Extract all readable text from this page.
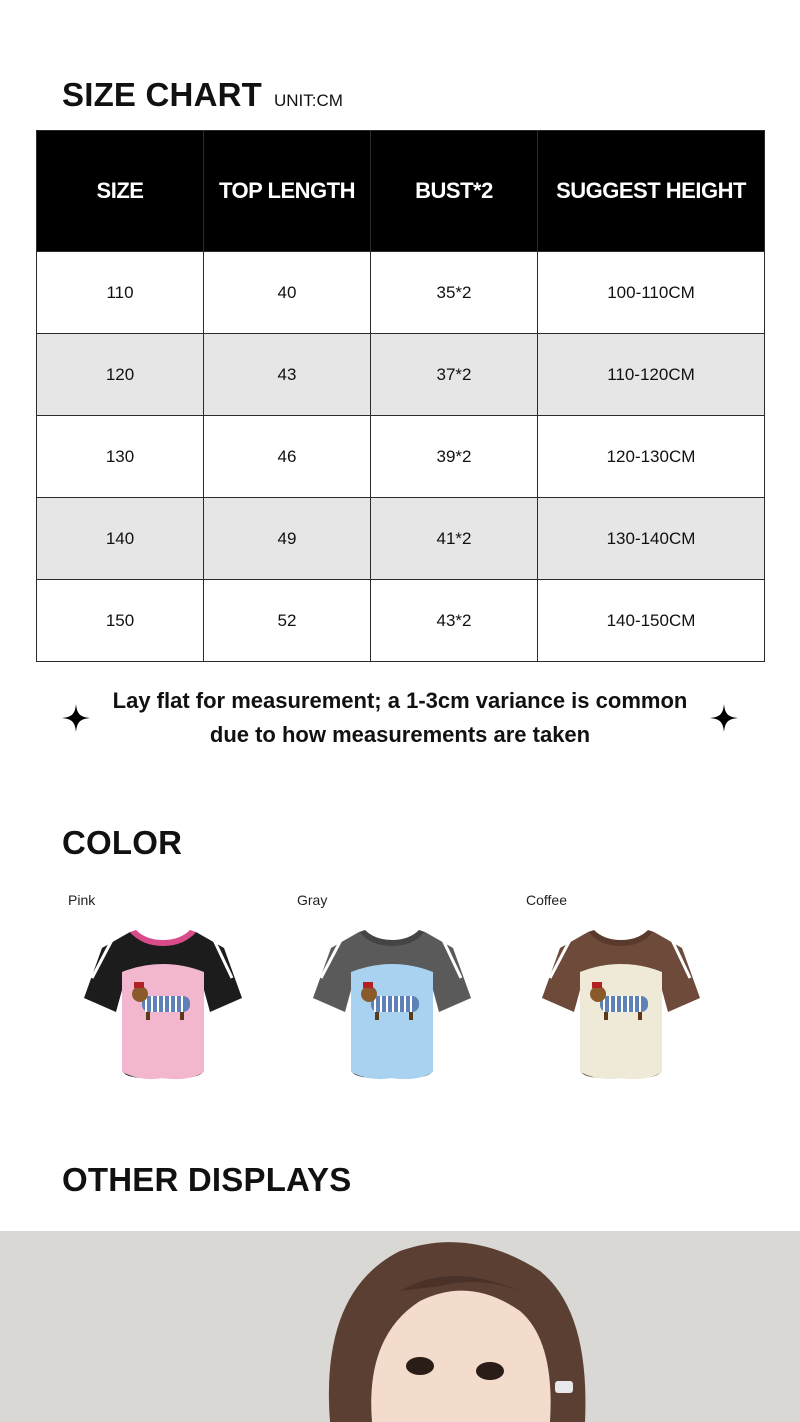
SIZE CHART UNIT:CM
SIZE	TOP LENGTH	BUST*2	SUGGEST HEIGHT
110	40	35*2	100-110CM
120	43	37*2	110-120CM
130	46	39*2	120-130CM
140	49	41*2	130-140CM
150	52	43*2	140-150CM
Lay flat for measurement; a 1-3cm variance is common
due to how measurements are taken
COLOR
Pink	Gray	Coffee
OTHER DISPLAYS
